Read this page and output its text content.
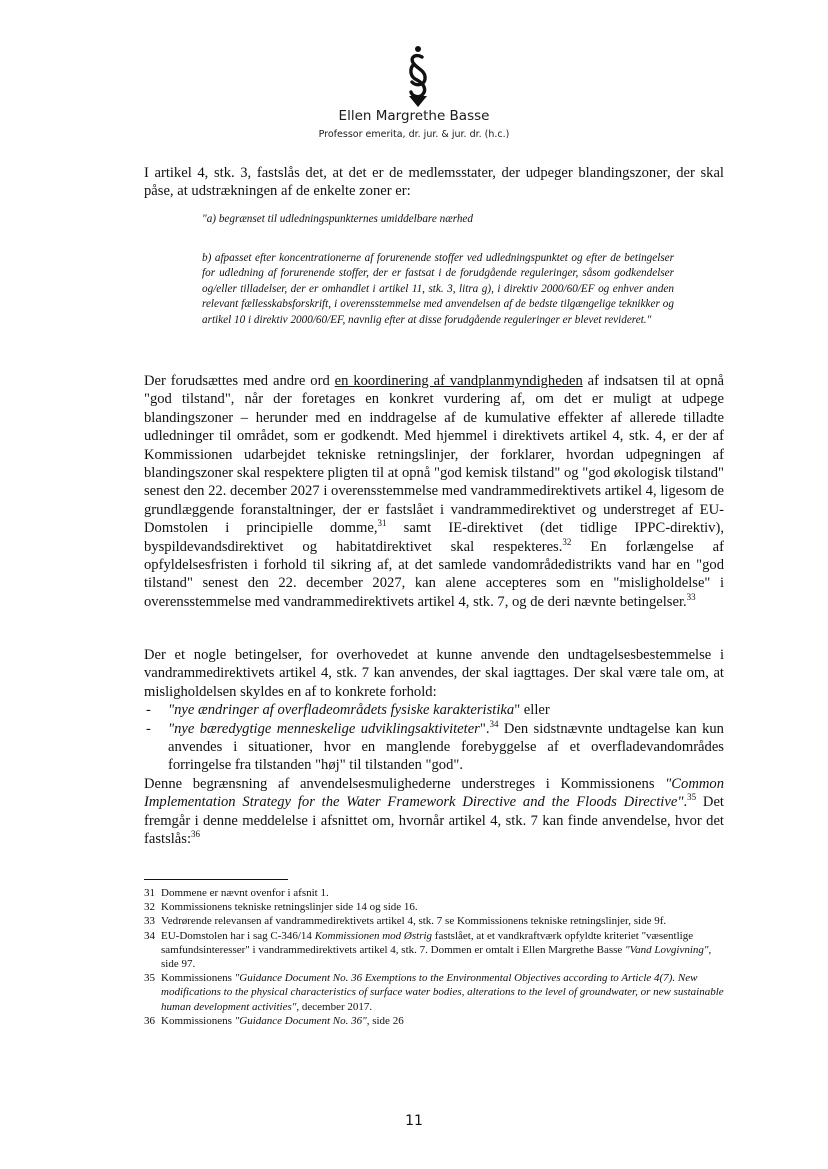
Ellen Margrethe Basse
Professor emerita, dr. jur. & jur. dr. (h.c.)

I artikel 4, stk. 3, fastslås det, at det er de medlemsstater, der udpeger blandingszoner, der skal påse, at udstrækningen af de enkelte zoner er:

"a) begrænset til udledningspunkternes umiddelbare nærhed

b) afpasset efter koncentrationerne af forurenende stoffer ved udledningspunktet og efter de betingelser for udledning af forurenende stoffer, der er fastsat i de forudgående reguleringer, såsom godkendelser og/eller tilladelser, der er omhandlet i artikel 11, stk. 3, litra g), i direktiv 2000/60/EF og enhver anden relevant fællesskabsforskrift, i overensstemmelse med anvendelsen af de bedste tilgængelige teknikker og artikel 10 i direktiv 2000/60/EF, navnlig efter at disse forudgående reguleringer er blevet revideret."

Der forudsættes med andre ord en koordinering af vandplanmyndigheden af indsatsen til at opnå "god tilstand", når der foretages en konkret vurdering af, om det er muligt at udpege blandingszoner – herunder med en inddragelse af de kumulative effekter af allerede tilladte udledninger til området, som er godkendt. Med hjemmel i direktivets artikel 4, stk. 4, er der af Kommissionen udarbejdet tekniske retningslinjer, der forklarer, hvordan udpegningen af blandingszoner skal respektere pligten til at opnå "god kemisk tilstand" og "god økologisk tilstand" senest den 22. december 2027 i overensstemmelse med vandrammedirektivets artikel 4, ligesom de grundlæggende foranstaltninger, der er fastslået i vandrammedirektivet og understreget af EU-Domstolen i principielle domme,$^{31}$ samt IE-direktivet (det tidlige IPPC-direktiv), byspildevandsdirektivet og habitatdirektivet skal respekteres.$^{32}$ En forlængelse af opfyldelsesfristen i forhold til sikring af, at det samlede vandområdedistrikts vand har en "god tilstand" senest den 22. december 2027, kan alene accepteres som en "misligholdelse" i overensstemmelse med vandrammedirektivets artikel 4, stk. 7, og de deri nævnte betingelser.$^{33}$

Der et nogle betingelser, for overhovedet at kunne anvende den undtagelsesbestemmelse i vandrammedirektivets artikel 4, stk. 7 kan anvendes, der skal iagttages. Der skal være tale om, at misligholdelsen skyldes en af to konkrete forhold:

-	"nye ændringer af overfladeområdets fysiske karakteristika" eller
-	"nye bæredygtige menneskelige udviklingsaktiviteter".$^{34}$ Den sidstnævnte undtagelse kan kun anvendes i situationer, hvor en manglende forebyggelse af et overfladevandområdes forringelse fra tilstanden "høj" til tilstanden "god".

Denne begrænsning af anvendelsesmulighederne understreges i Kommissionens "Common Implementation Strategy for the Water Framework Directive and the Floods Directive".$^{35}$ Det fremgår i denne meddelelse i afsnittet om, hvornår artikel 4, stk. 7 kan finde anvendelse, hvor det fastslås:$^{36}$

31 Dommene er nævnt ovenfor i afsnit 1.
32 Kommissionens tekniske retningslinjer side 14 og side 16.
33 Vedrørende relevansen af vandrammedirektivets artikel 4, stk. 7 se Kommissionens tekniske retningslinjer, side 9f.
34 EU-Domstolen har i sag C-346/14 Kommissionen mod Østrig fastslået, at et vandkraftværk opfyldte kriteriet "væsentlige samfundsinteresser" i vandrammedirektivets artikel 4, stk. 7. Dommen er omtalt i Ellen Margrethe Basse "Vand Lovgivning", side 97.
35 Kommissionens "Guidance Document No. 36 Exemptions to the Environmental Objectives according to Article 4(7). New modifications to the physical characteristics of surface water bodies, alterations to the level of groundwater, or new sustainable human development activities", december 2017.
36 Kommissionens "Guidance Document No. 36", side 26
11
